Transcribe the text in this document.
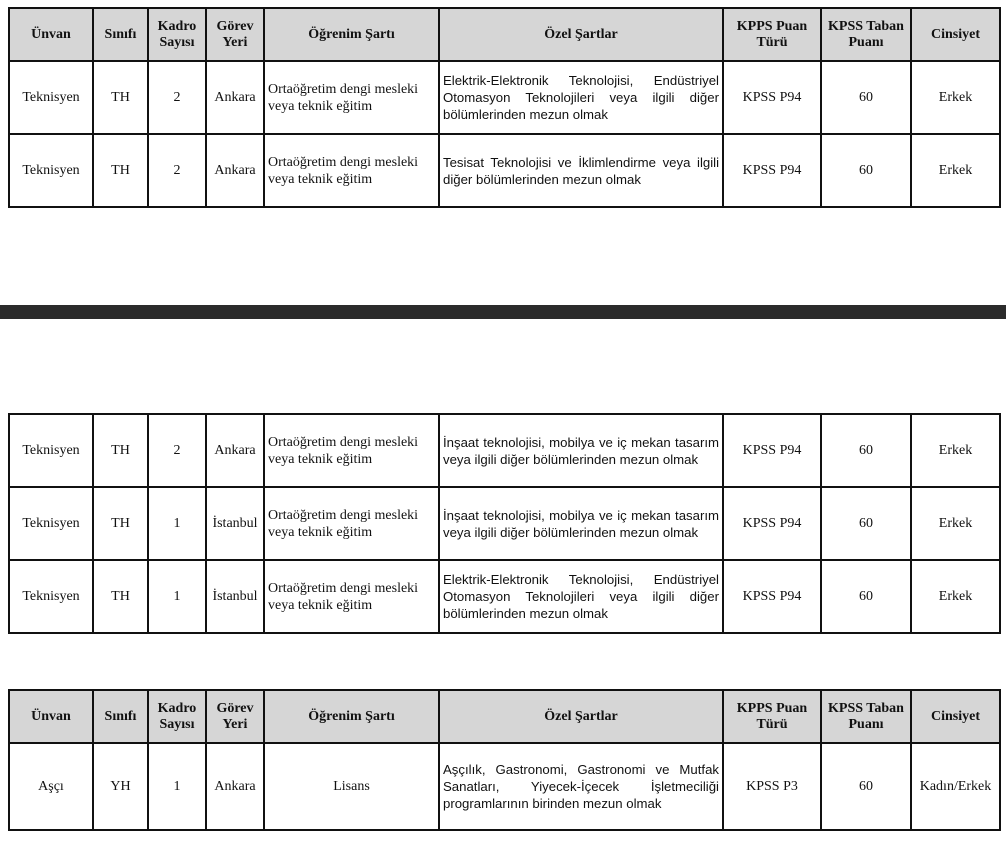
Ünvan	Sınıfı	Kadro Sayısı	Görev Yeri	Öğrenim Şartı	Özel Şartlar	KPPS Puan Türü	KPSS Taban Puanı	Cinsiyet
Teknisyen	TH	2	Ankara	Ortaöğretim dengi mesleki veya teknik eğitim	Elektrik-Elektronik Teknolojisi, Endüstriyel Otomasyon Teknolojileri veya ilgili diğer bölümlerinden mezun olmak	KPSS P94	60	Erkek
Teknisyen	TH	2	Ankara	Ortaöğretim dengi mesleki veya teknik eğitim	Tesisat Teknolojisi ve İklimlendirme veya ilgili diğer bölümlerinden mezun olmak	KPSS P94	60	Erkek
Teknisyen	TH	2	Ankara	Ortaöğretim dengi mesleki veya teknik eğitim	İnşaat teknolojisi, mobilya ve iç mekan tasarım veya ilgili diğer bölümlerinden mezun olmak	KPSS P94	60	Erkek
Teknisyen	TH	1	İstanbul	Ortaöğretim dengi mesleki veya teknik eğitim	İnşaat teknolojisi, mobilya ve iç mekan tasarım veya ilgili diğer bölümlerinden mezun olmak	KPSS P94	60	Erkek
Teknisyen	TH	1	İstanbul	Ortaöğretim dengi mesleki veya teknik eğitim	Elektrik-Elektronik Teknolojisi, Endüstriyel Otomasyon Teknolojileri veya ilgili diğer bölümlerinden mezun olmak	KPSS P94	60	Erkek
Ünvan	Sınıfı	Kadro Sayısı	Görev Yeri	Öğrenim Şartı	Özel Şartlar	KPPS Puan Türü	KPSS Taban Puanı	Cinsiyet
Aşçı	YH	1	Ankara	Lisans	Aşçılık, Gastronomi, Gastronomi ve Mutfak Sanatları, Yiyecek-İçecek İşletmeciliği programlarının birinden mezun olmak	KPSS P3	60	Kadın/Erkek
